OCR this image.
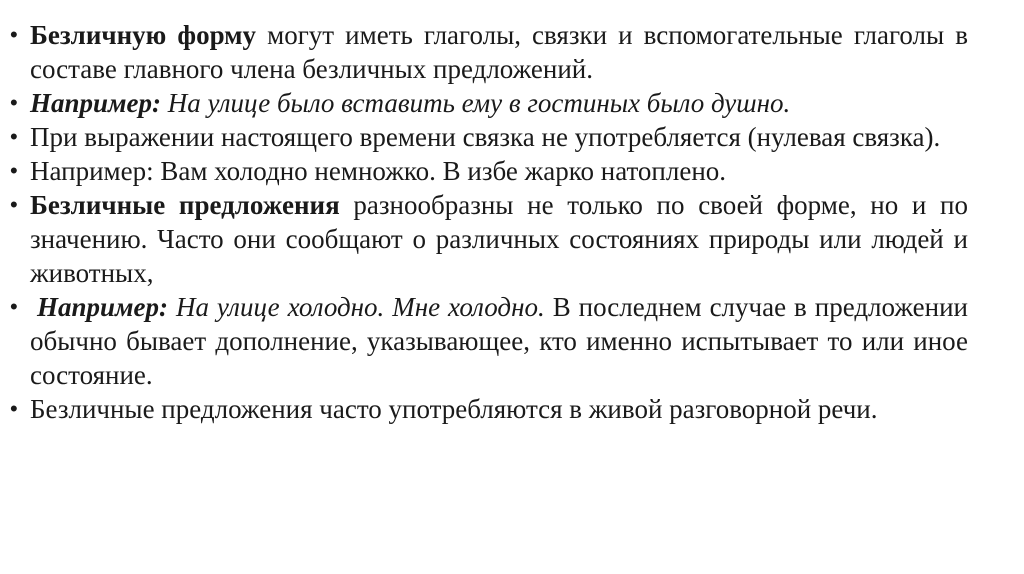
• Безличную форму могут иметь глаголы, связки и вспомогательные глаголы в составе главного члена безличных предложений.
• Например: На улице было вставить ему в гостиных было душно.
• При выражении настоящего времени связка не употребляется (нулевая связка).
• Например: Вам холодно немножко. В избе жарко натоплено.
• Безличные предложения разнообразны не только по своей форме, но и по значению. Часто они сообщают о различных состояниях природы или людей и животных,
• Например: На улице холодно. Мне холодно. В последнем случае в предложении обычно бывает дополнение, указывающее, кто именно испытывает то или иное состояние.
• Безличные предложения часто употребляются в живой разговорной речи.
